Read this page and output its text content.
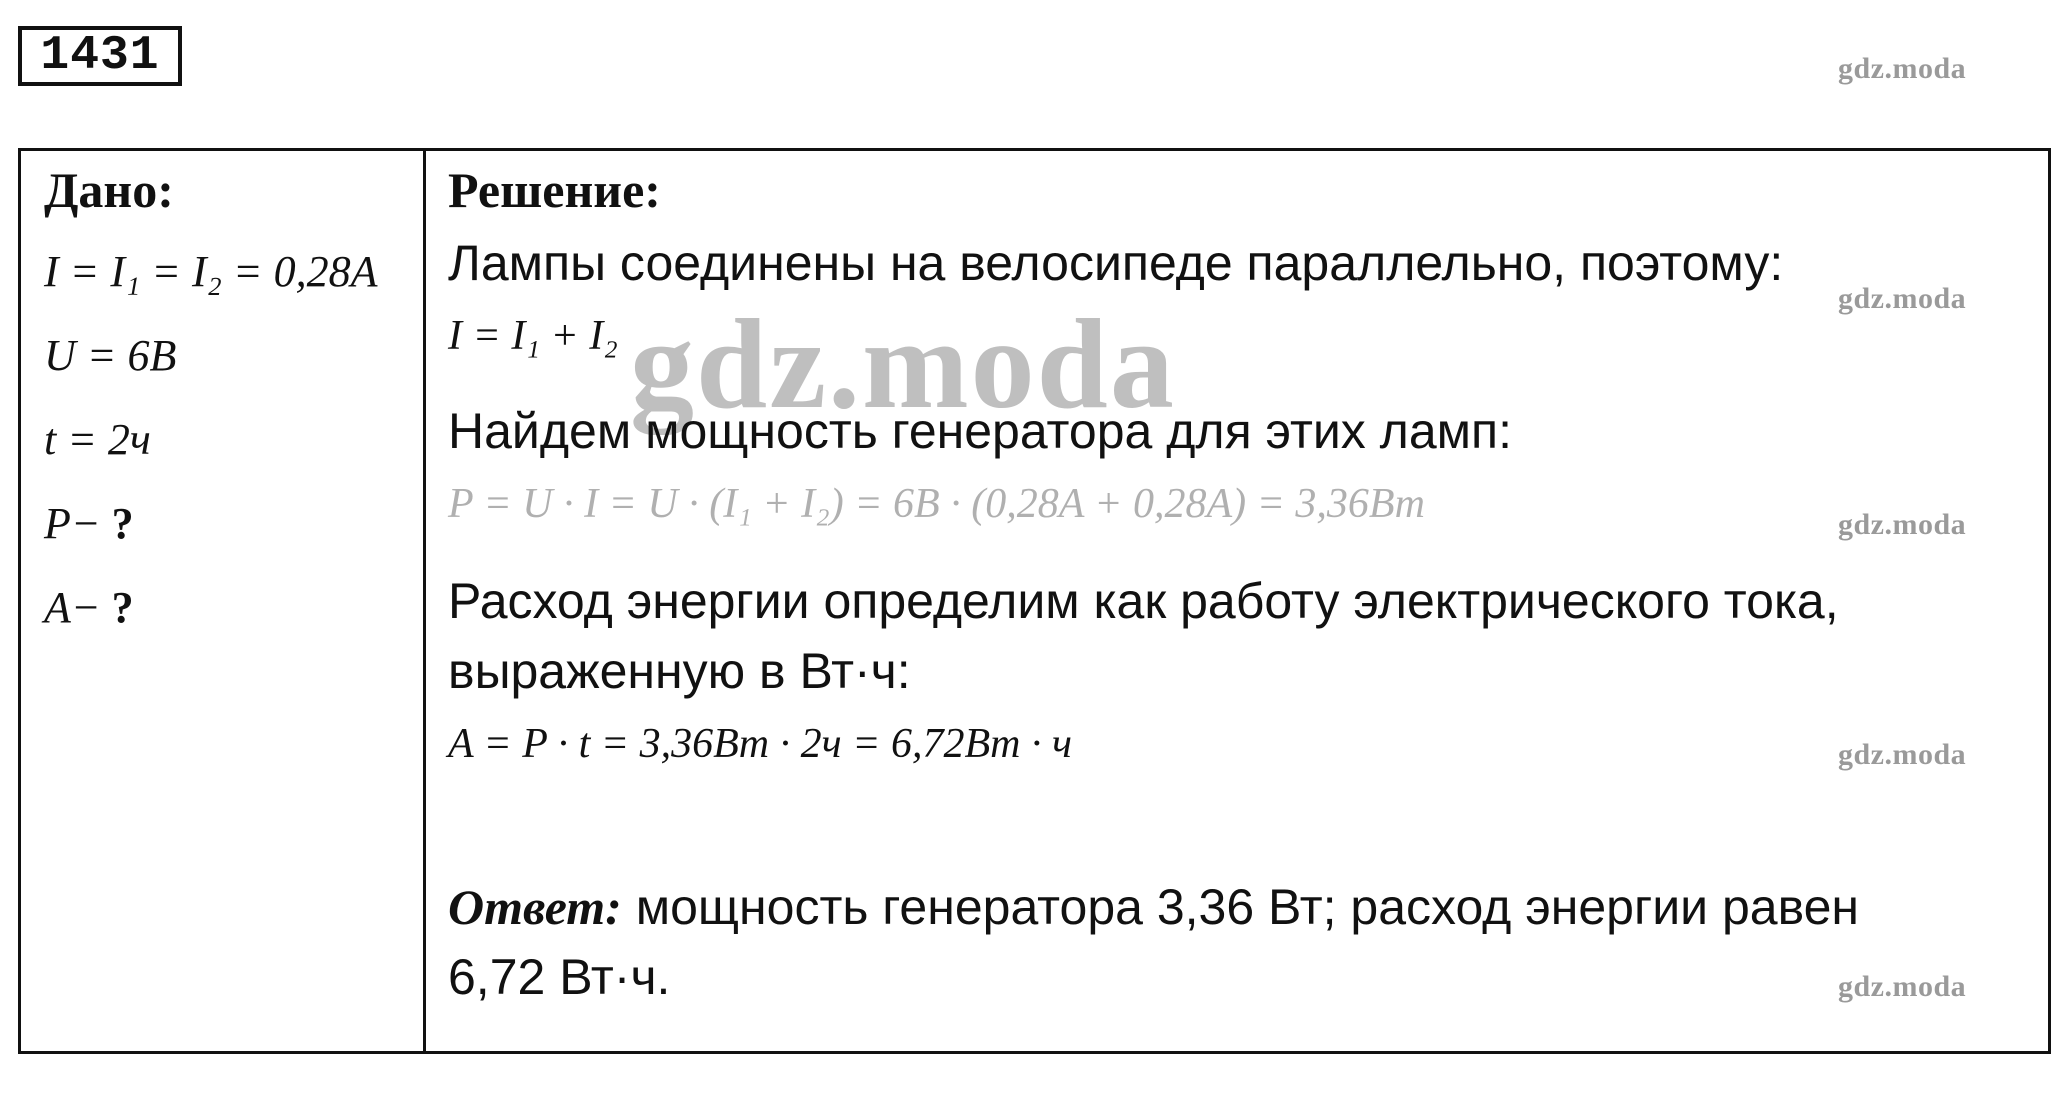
1431	gdz.moda
gdz.moda
gdz.moda
gdz.moda
gdz.moda
gdz.moda

Дано:

I = I₁ = I₂ = 0,28A
U = 6B
t = 2ч
P− ?
A− ?

Решение:

Лампы соединены на велосипеде параллельно, поэтому:

I = I₁ + I₂

Найдем мощность генератора для этих ламп:

P = U · I = U · (I₁ + I₂) = 6B · (0,28A + 0,28A) = 3,36Bm

Расход энергии определим как работу электрического тока,

выраженную в Вт·ч:

A = P · t = 3,36Bm · 2ч = 6,72Bm · ч

Ответ: мощность генератора 3,36 Вт; расход энергии равен

6,72 Вт·ч.
